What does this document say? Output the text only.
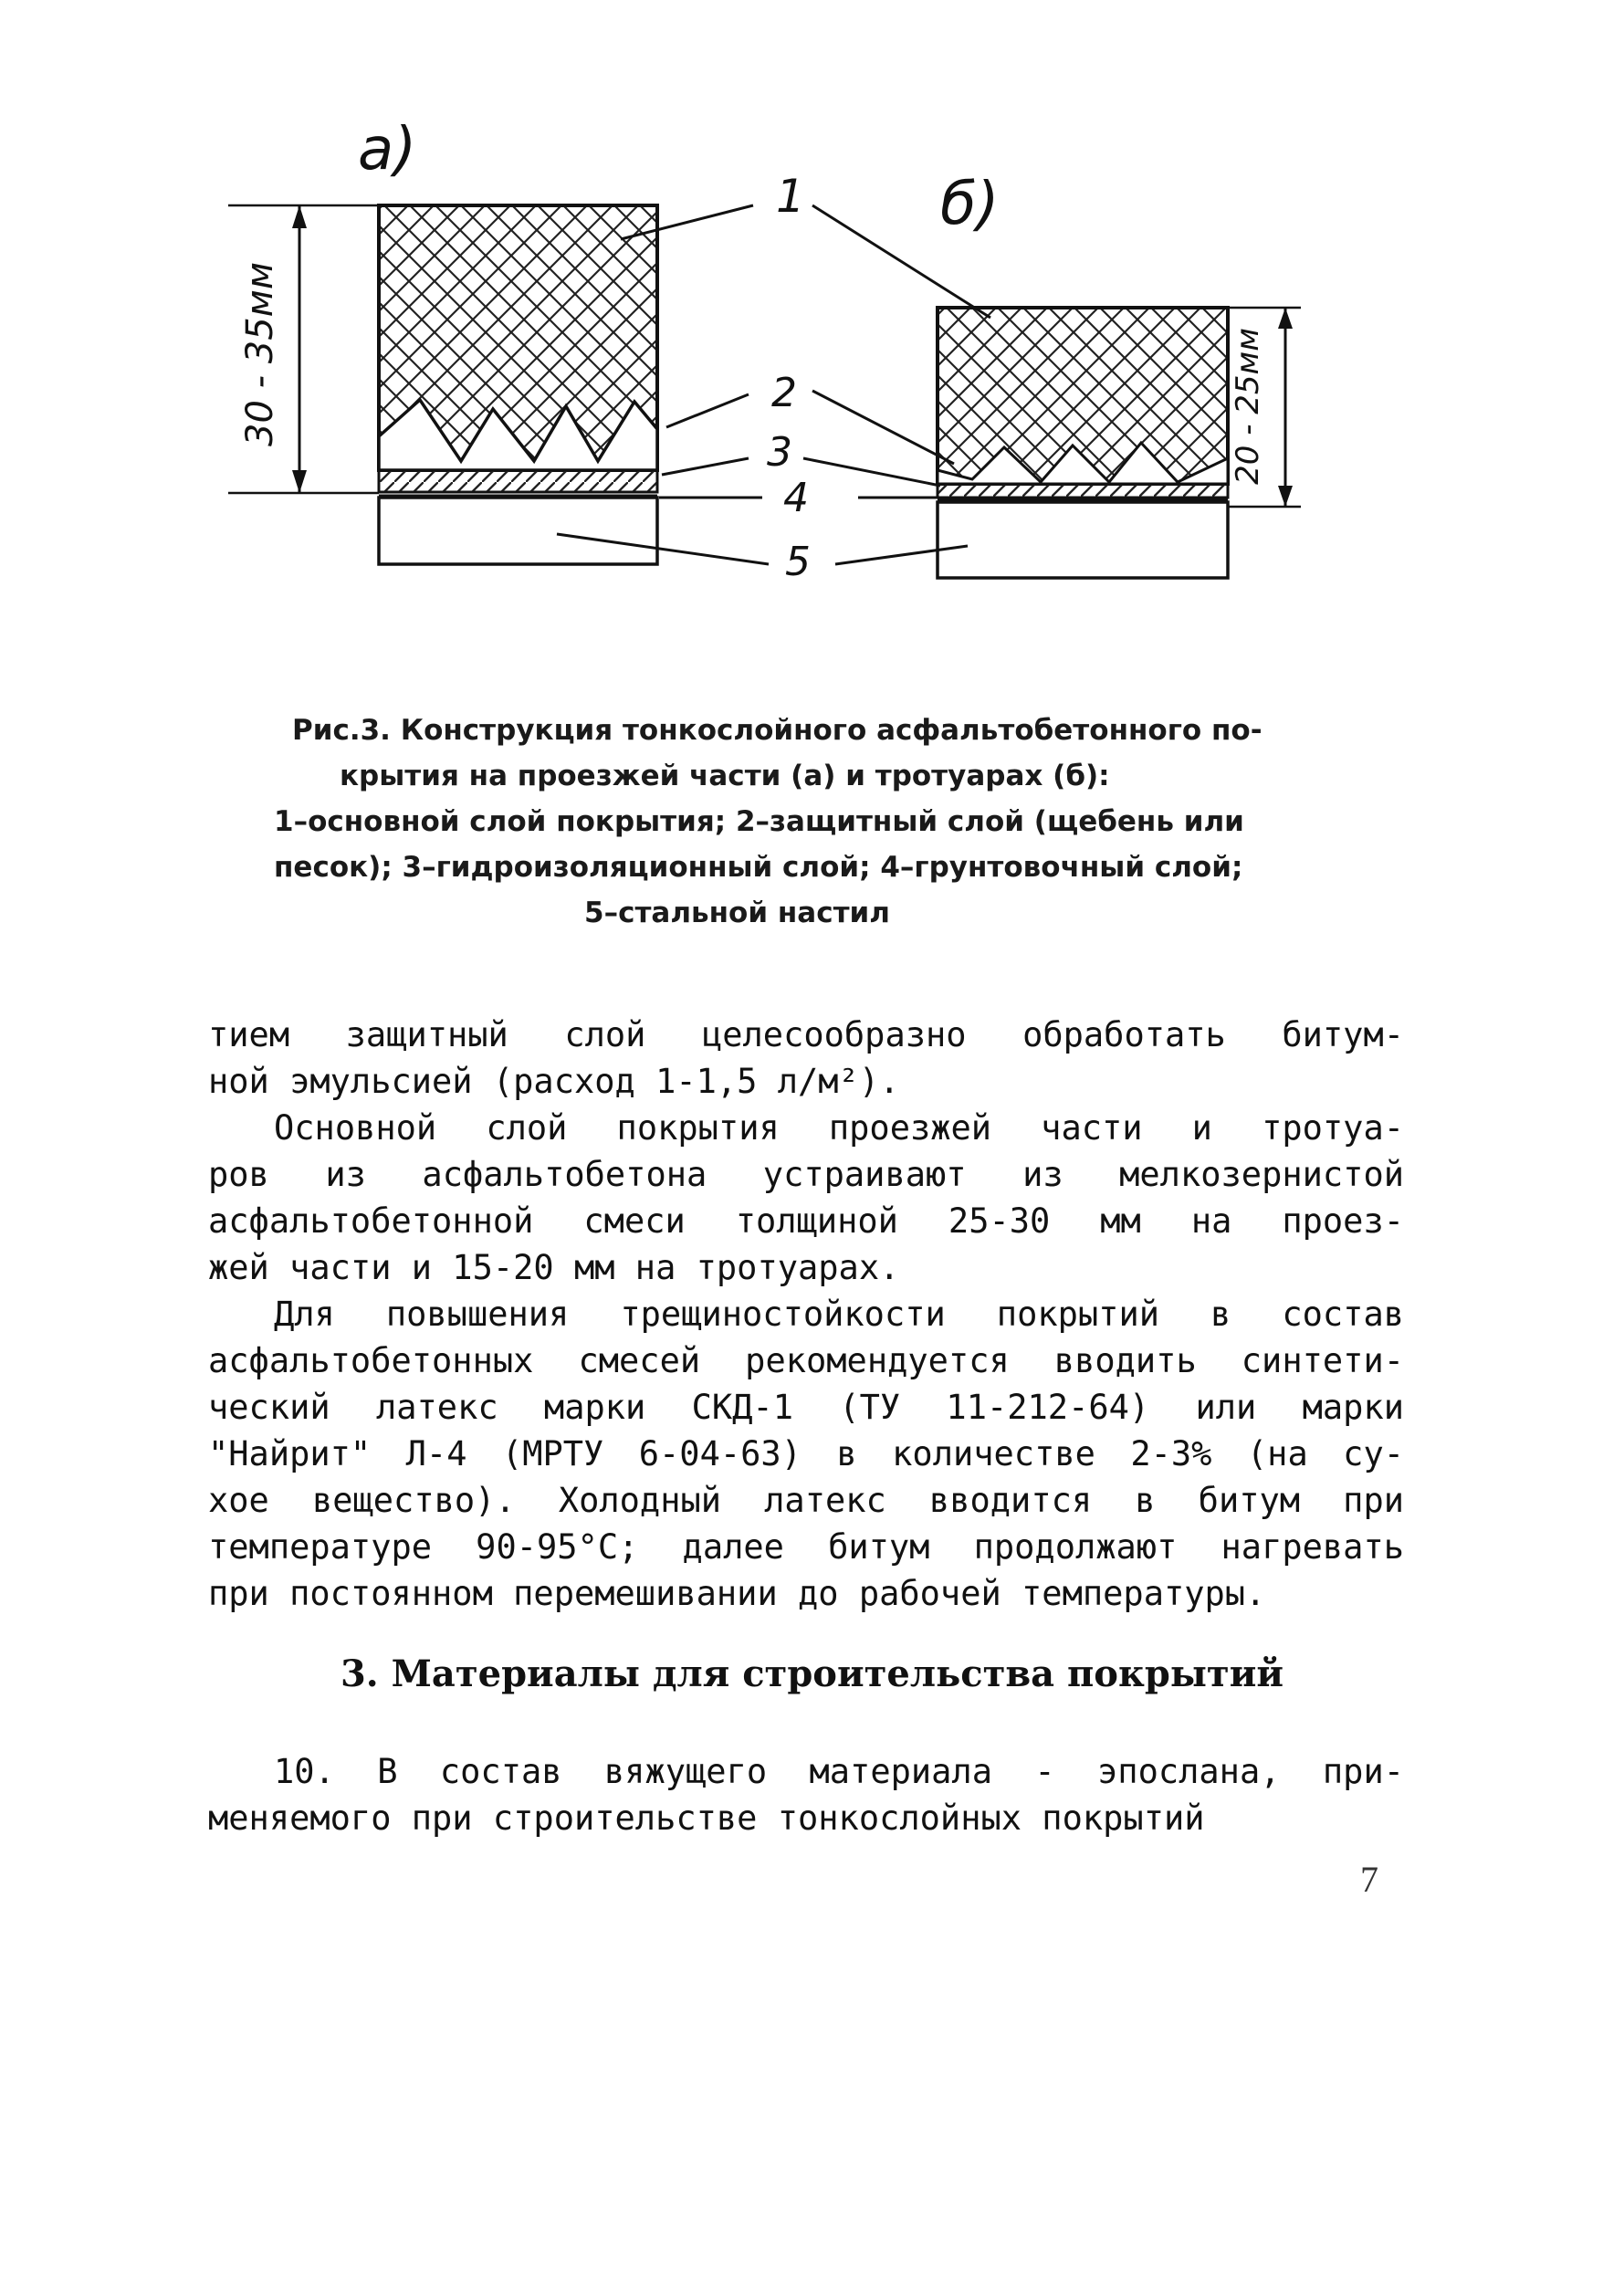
30 - 35мм
а)
20 - 25мм
б)
1
2
3
4
5
Рис.3. Конструкция тонкослойного асфальтобетонного по-
крытия на проезжей части (а) и тротуарах (б):
1–основной слой покрытия; 2–защитный слой (щебень или
песок); 3–гидроизоляционный слой; 4–грунтовочный слой;
5–стальной настил
тием защитный слой целесообразно обработать битум-
ной эмульсией (расход 1-1,5 л/м²).
Основной слой покрытия проезжей части и тротуа-
ров из асфальтобетона устраивают из мелкозернистой
асфальтобетонной смеси толщиной 25-30 мм на проез-
жей части и 15-20 мм на тротуарах.
Для повышения трещиностойкости покрытий в состав
асфальтобетонных смесей рекомендуется вводить синтети-
ческий латекс марки СКД-1 (ТУ 11-212-64) или марки
"Найрит" Л-4 (МРТУ 6-04-63) в количестве 2-3% (на су-
хое вещество). Холодный латекс вводится в битум при
температуре 90-95°С; далее битум продолжают нагревать
при постоянном перемешивании до рабочей температуры.
3. Материалы для строительства покрытий
10. В состав вяжущего материала - эпослана, при-
меняемого при строительстве тонкослойных покрытий
7
